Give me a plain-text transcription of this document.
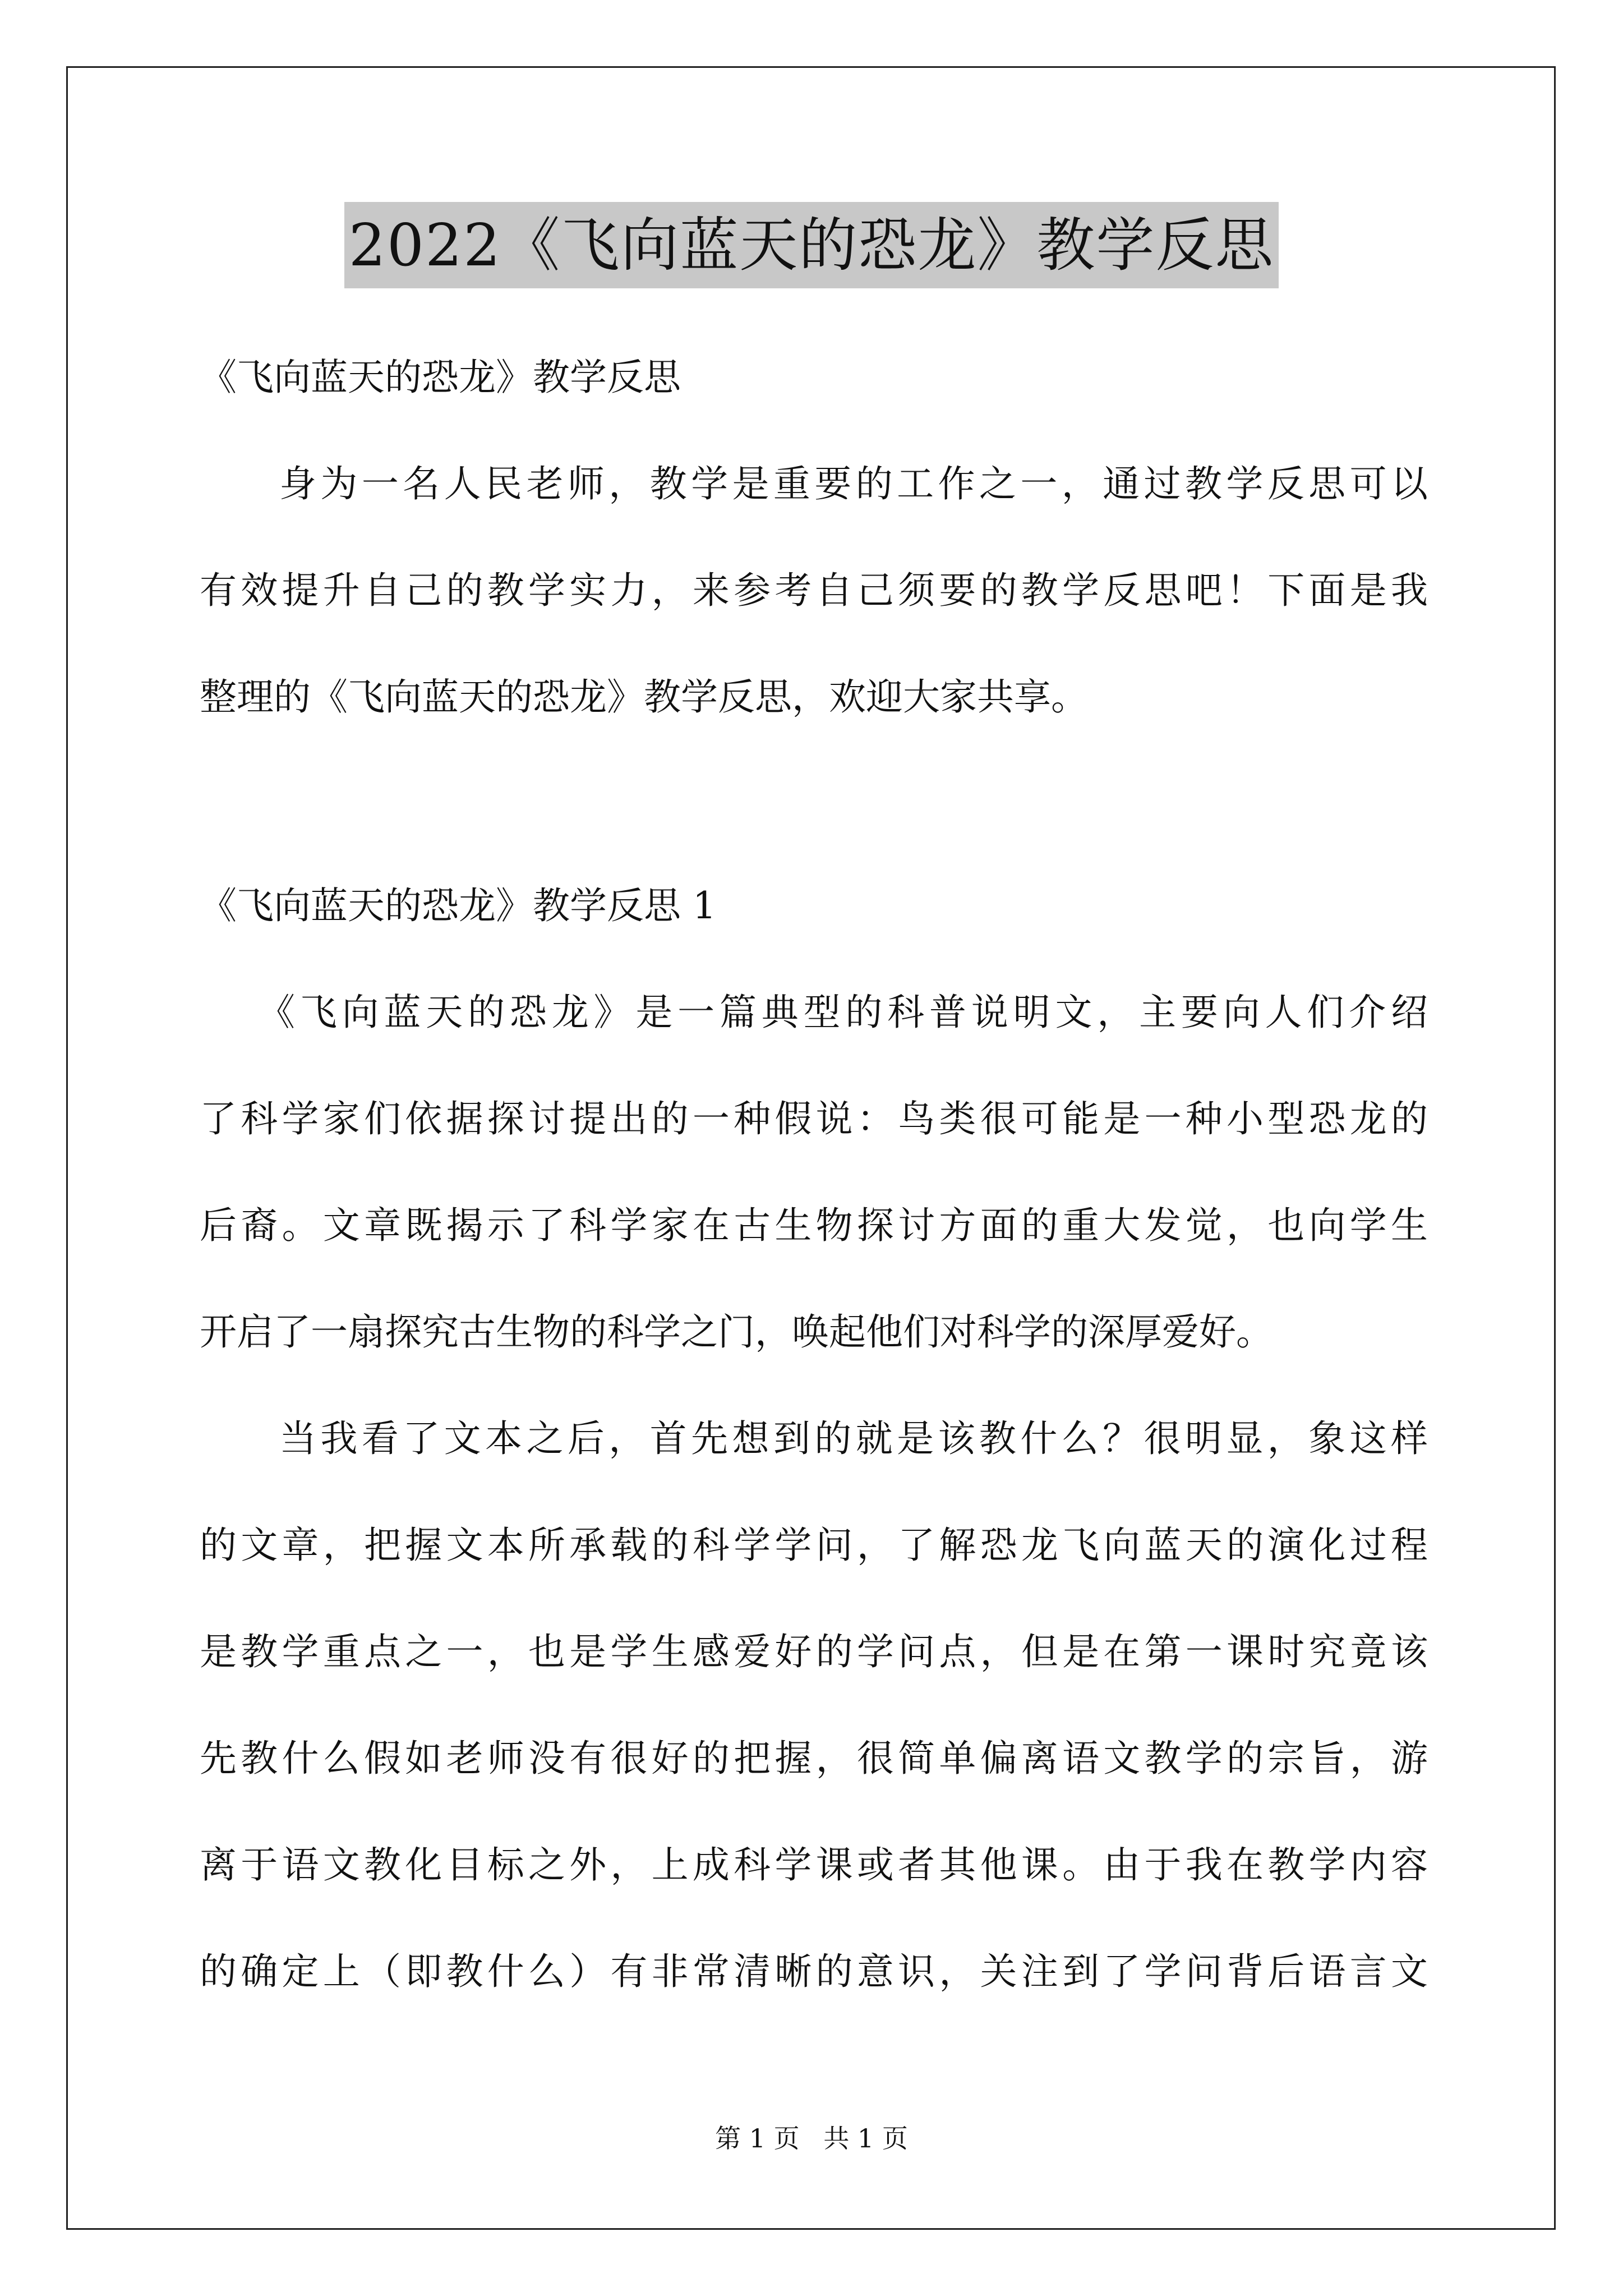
2022《飞向蓝天的恐龙》教学反思
《飞向蓝天的恐龙》教学反思
身为一名人民老师，教学是重要的工作之一，通过教学反思可以
有效提升自己的教学实力，来参考自己须要的教学反思吧！下面是我
整理的《飞向蓝天的恐龙》教学反思，欢迎大家共享。
《飞向蓝天的恐龙》教学反思 1
《飞向蓝天的恐龙》是一篇典型的科普说明文，主要向人们介绍
了科学家们依据探讨提出的一种假说：鸟类很可能是一种小型恐龙的
后裔。文章既揭示了科学家在古生物探讨方面的重大发觉，也向学生
开启了一扇探究古生物的科学之门，唤起他们对科学的深厚爱好。
当我看了文本之后，首先想到的就是该教什么？很明显，象这样
的文章，把握文本所承载的科学学问，了解恐龙飞向蓝天的演化过程
是教学重点之一，也是学生感爱好的学问点，但是在第一课时究竟该
先教什么假如老师没有很好的把握，很简单偏离语文教学的宗旨，游
离于语文教化目标之外，上成科学课或者其他课。由于我在教学内容
的确定上（即教什么）有非常清晰的意识，关注到了学问背后语言文
第 1 页 共 1 页
